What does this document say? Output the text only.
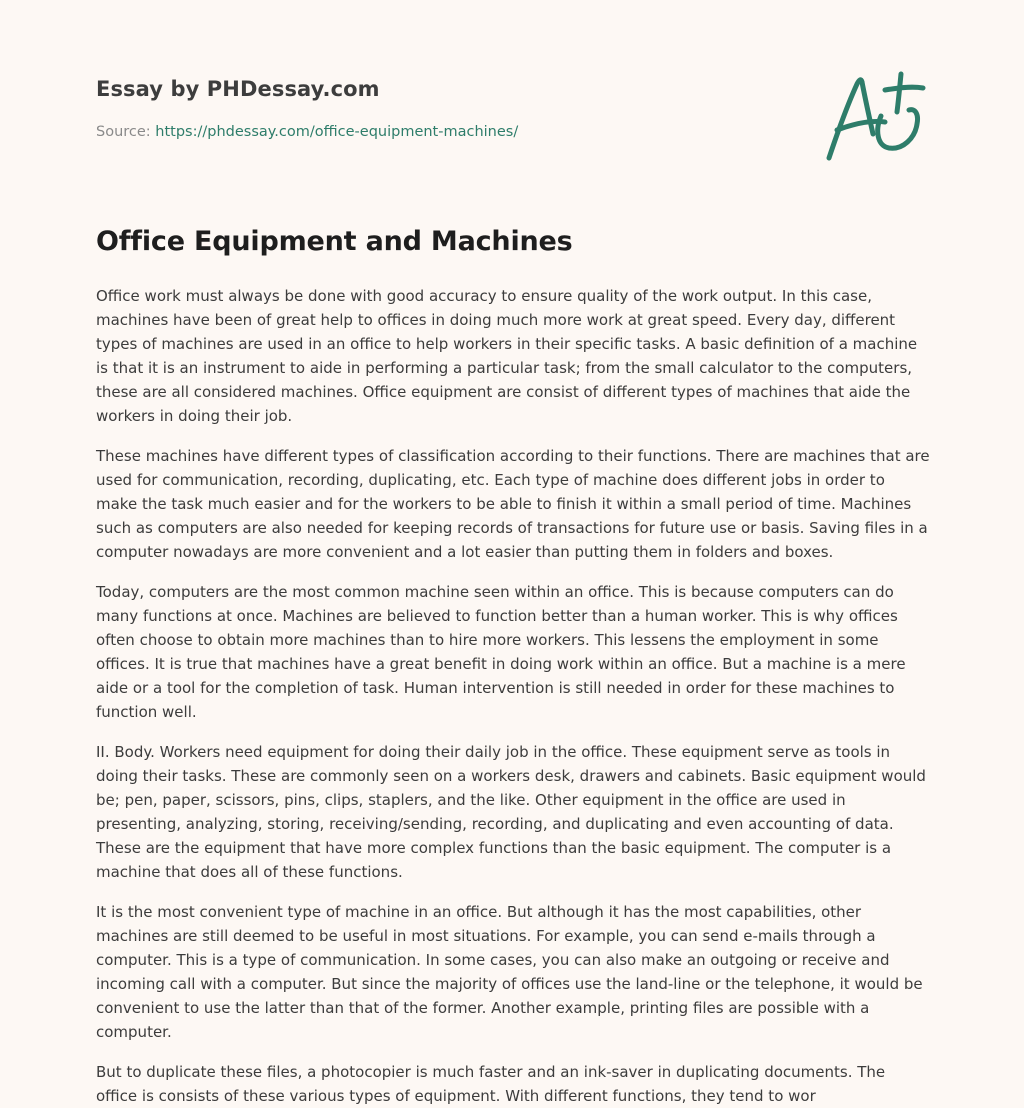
Essay by PHDessay.com
Source: https://phdessay.com/office-equipment-machines/
Office Equipment and Machines

Office work must always be done with good accuracy to ensure quality of the work output. In this case, machines have been of great help to offices in doing much more work at great speed. Every day, different types of machines are used in an office to help workers in their specific tasks. A basic definition of a machine is that it is an instrument to aide in performing a particular task; from the small calculator to the computers, these are all considered machines. Office equipment are consist of different types of machines that aide the workers in doing their job.

These machines have different types of classification according to their functions. There are machines that are used for communication, recording, duplicating, etc. Each type of machine does different jobs in order to make the task much easier and for the workers to be able to finish it within a small period of time. Machines such as computers are also needed for keeping records of transactions for future use or basis. Saving files in a computer nowadays are more convenient and a lot easier than putting them in folders and boxes.

Today, computers are the most common machine seen within an office. This is because computers can do many functions at once. Machines are believed to function better than a human worker. This is why offices often choose to obtain more machines than to hire more workers. This lessens the employment in some offices. It is true that machines have a great benefit in doing work within an office. But a machine is a mere aide or a tool for the completion of task. Human intervention is still needed in order for these machines to function well.

II. Body. Workers need equipment for doing their daily job in the office. These equipment serve as tools in doing their tasks. These are commonly seen on a workers desk, drawers and cabinets. Basic equipment would be; pen, paper, scissors, pins, clips, staplers, and the like. Other equipment in the office are used in presenting, analyzing, storing, receiving/sending, recording, and duplicating and even accounting of data. These are the equipment that have more complex functions than the basic equipment. The computer is a machine that does all of these functions.

It is the most convenient type of machine in an office. But although it has the most capabilities, other machines are still deemed to be useful in most situations. For example, you can send e-mails through a computer. This is a type of communication. In some cases, you can also make an outgoing or receive and incoming call with a computer. But since the majority of offices use the land-line or the telephone, it would be convenient to use the latter than that of the former. Another example, printing files are possible with a computer.

But to duplicate these files, a photocopier is much faster and an ink-saver in duplicating documents. The office is consists of these various types of equipment. With different functions, they tend to wor
